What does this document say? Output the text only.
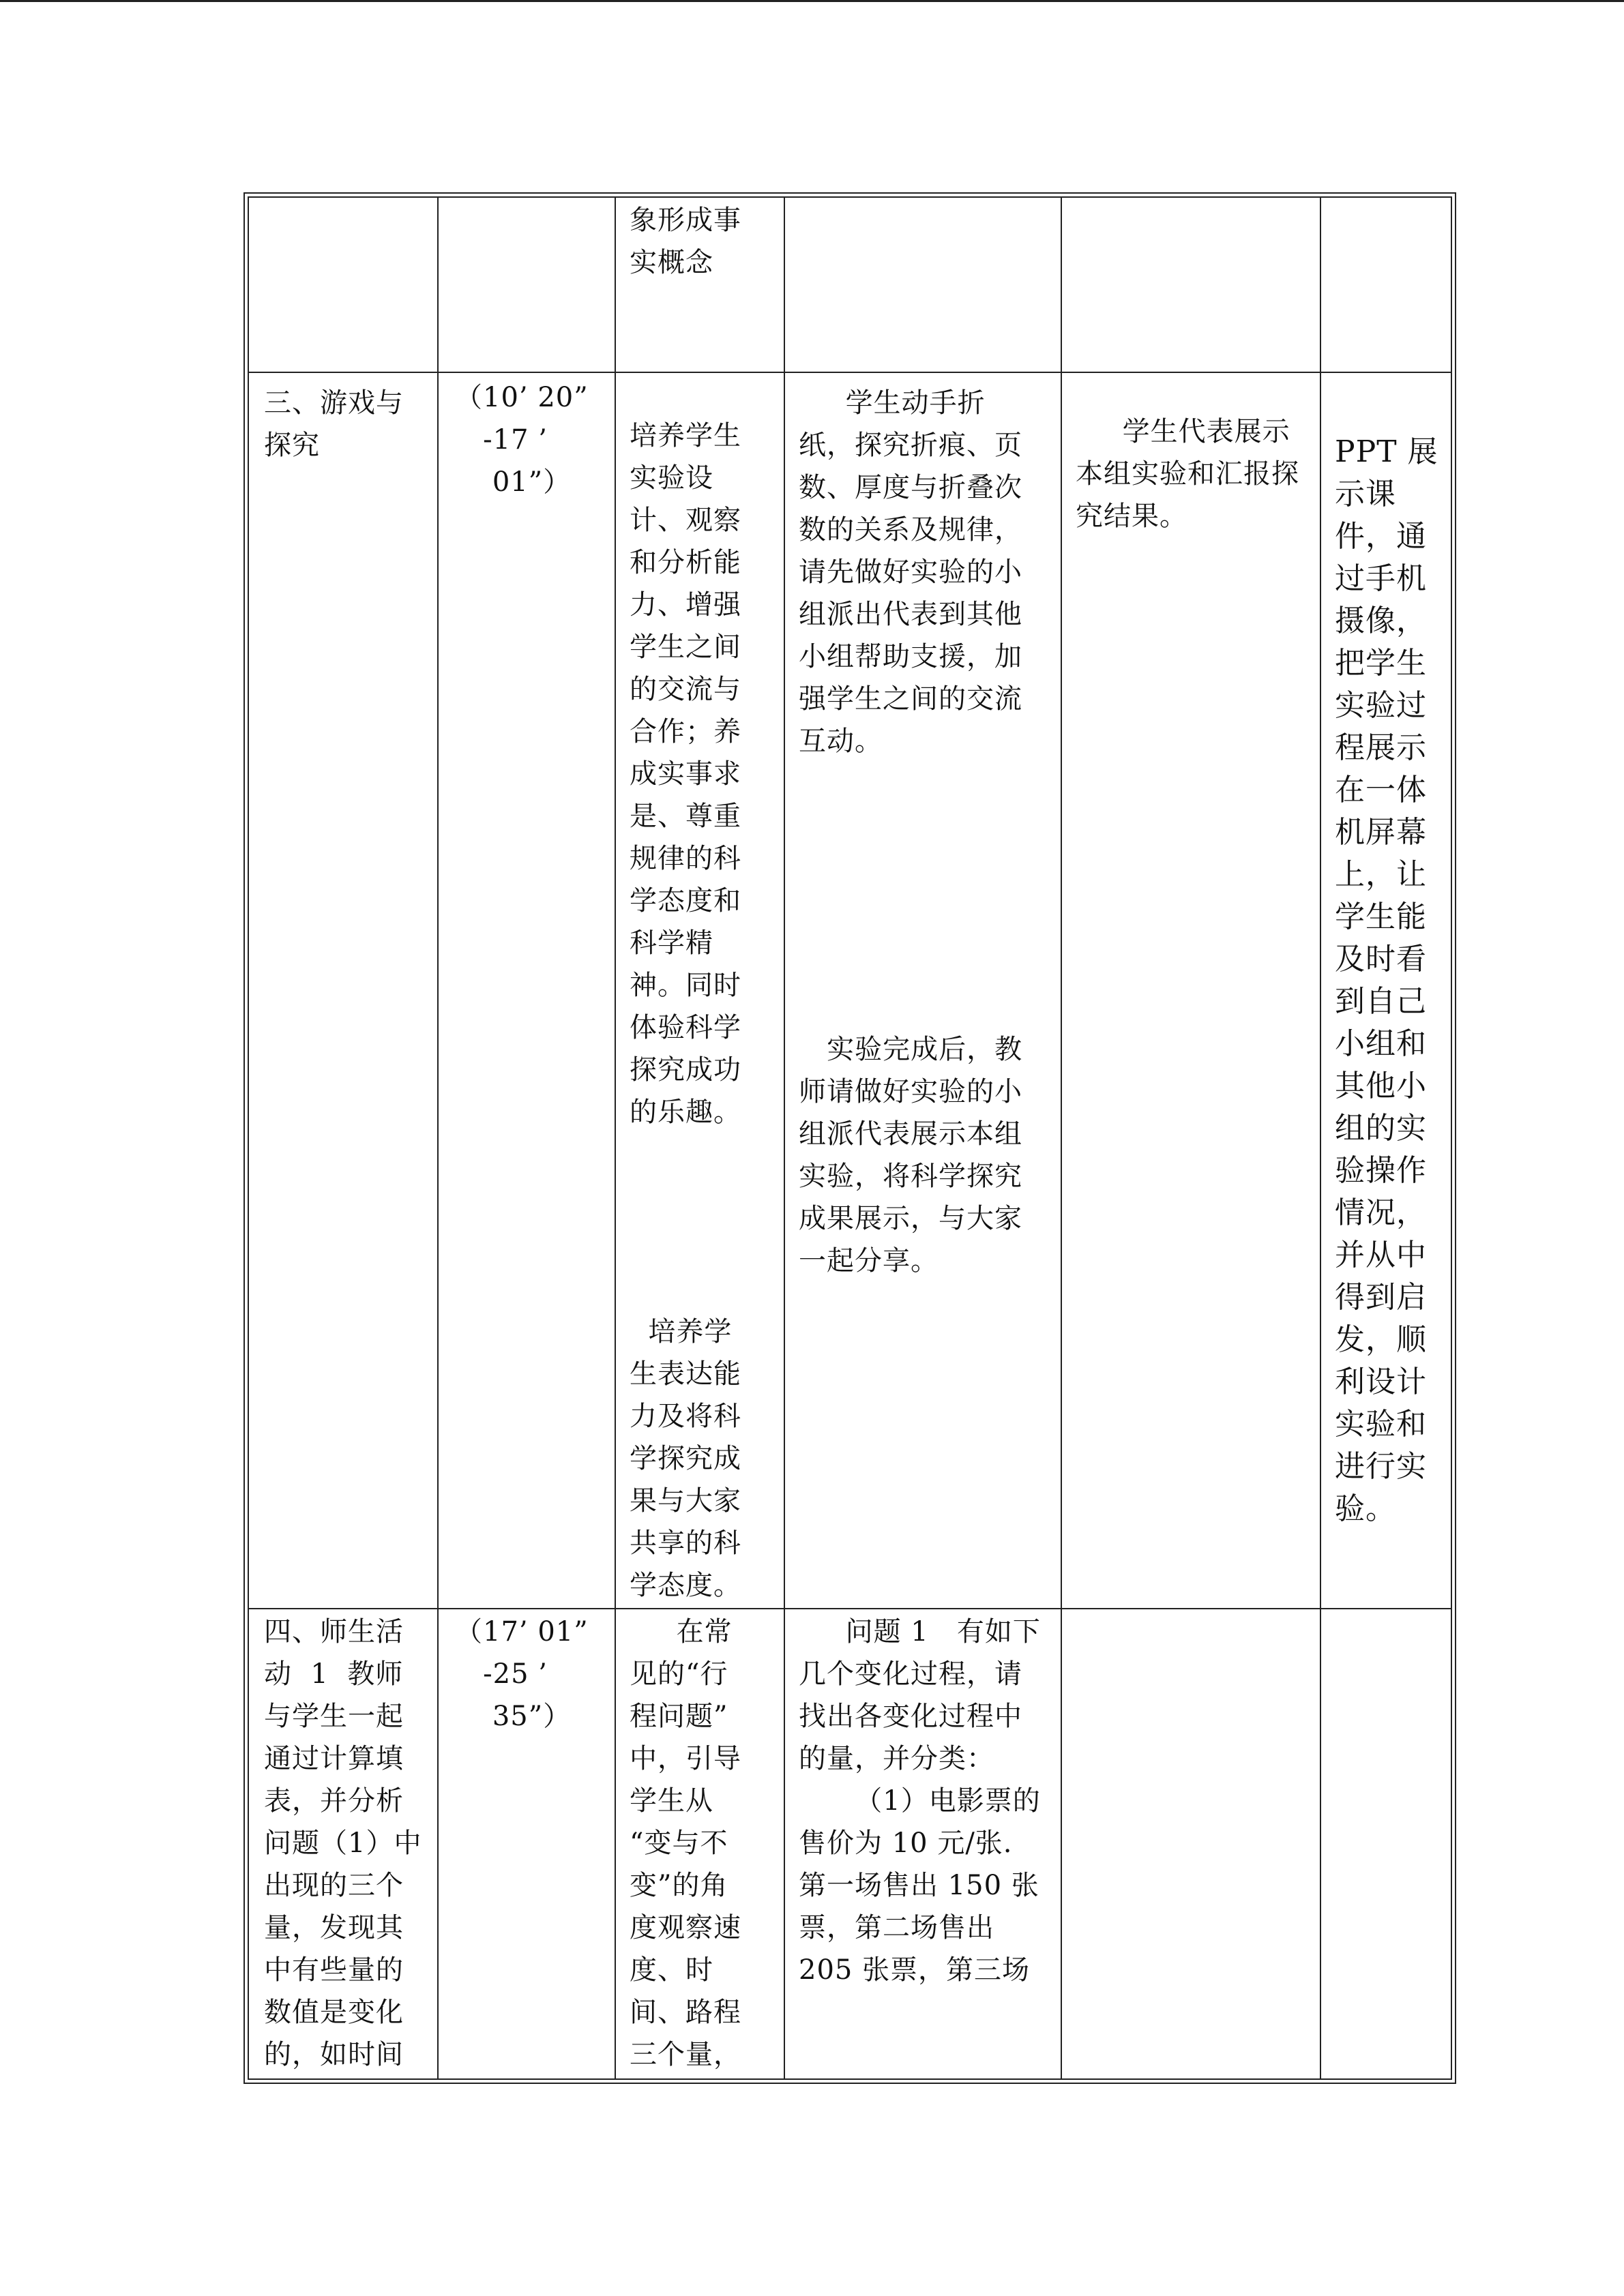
象形成事
实概念
三、游戏与
探究
（10’ 20”
-17 ’
01”）
培养学生
实验设
计、观察
和分析能
力、增强
学生之间
的交流与
合作；养
成实事求
是、尊重
规律的科
学态度和
科学精
神。同时
体验科学
探究成功
的乐趣。
培养学
生表达能
力及将科
学探究成
果与大家
共享的科
学态度。
学生动手折
纸，探究折痕、页
数、厚度与折叠次
数的关系及规律，
请先做好实验的小
组派出代表到其他
小组帮助支援，加
强学生之间的交流
互动。
实验完成后，教
师请做好实验的小
组派代表展示本组
实验，将科学探究
成果展示，与大家
一起分享。
学生代表展示
本组实验和汇报探
究结果。
PPT 展
示课
件，通
过手机
摄像，
把学生
实验过
程展示
在一体
机屏幕
上，让
学生能
及时看
到自己
小组和
其他小
组的实
验操作
情况，
并从中
得到启
发，顺
利设计
实验和
进行实
验。
四、师生活
动  1  教师
与学生一起
通过计算填
表，并分析
问题（1）中
出现的三个
量，发现其
中有些量的
数值是变化
的，如时间
（17’ 01”
-25 ’
35”）
在常
见的“行
程问题”
中，引导
学生从
“变与不
变”的角
度观察速
度、时
间、路程
三个量，
问题 1   有如下
几个变化过程，请
找出各变化过程中
的量，并分类：
（1）电影票的
售价为 10 元/张.
第一场售出 150 张
票，第二场售出
205 张票，第三场
